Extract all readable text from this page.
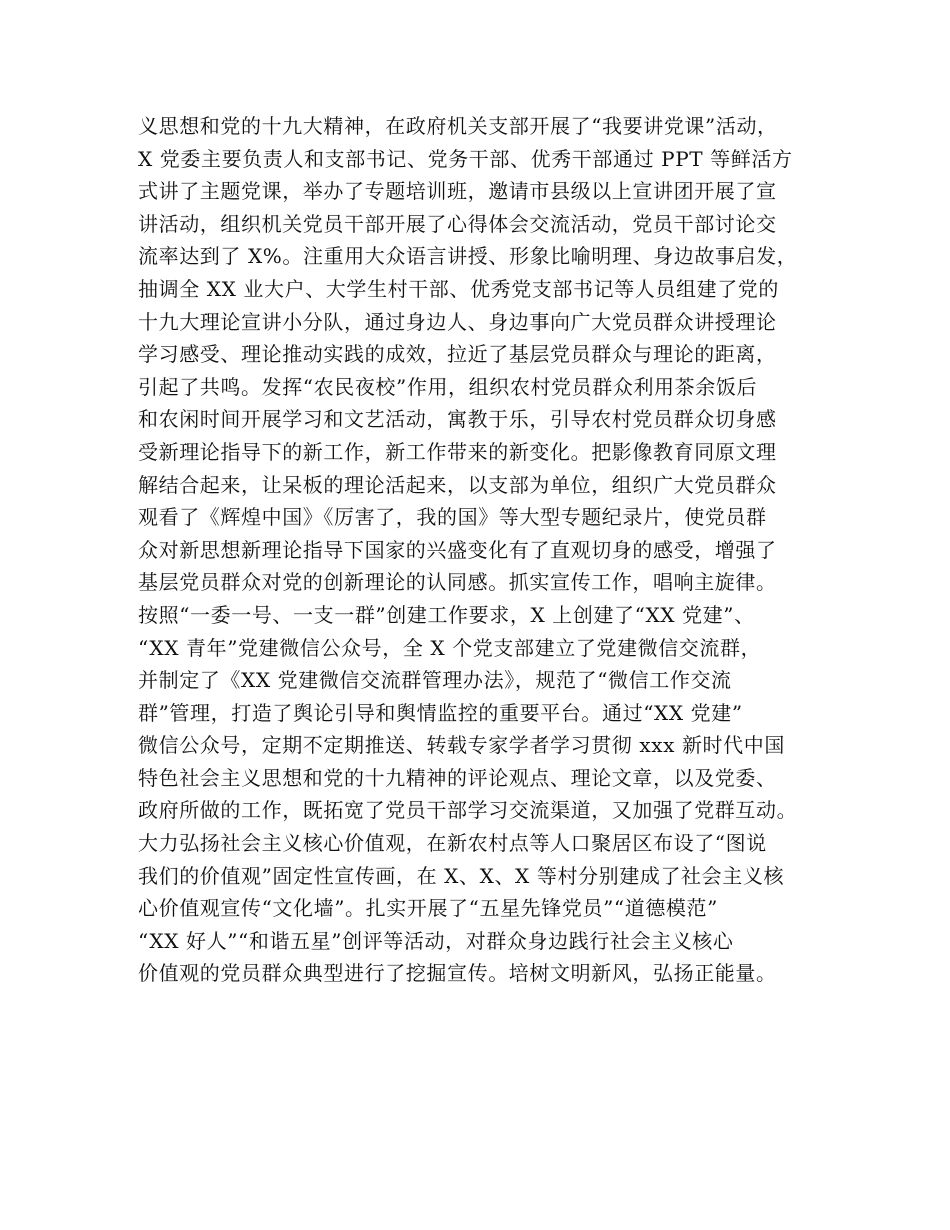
义思想和党的十九大精神，在政府机关支部开展了“我要讲党课”活动，
X 党委主要负责人和支部书记、党务干部、优秀干部通过 PPT 等鲜活方
式讲了主题党课，举办了专题培训班，邀请市县级以上宣讲团开展了宣
讲活动，组织机关党员干部开展了心得体会交流活动，党员干部讨论交
流率达到了 X%。注重用大众语言讲授、形象比喻明理、身边故事启发，
抽调全 XX 业大户、大学生村干部、优秀党支部书记等人员组建了党的
十九大理论宣讲小分队，通过身边人、身边事向广大党员群众讲授理论
学习感受、理论推动实践的成效，拉近了基层党员群众与理论的距离，
引起了共鸣。发挥“农民夜校”作用，组织农村党员群众利用茶余饭后
和农闲时间开展学习和文艺活动，寓教于乐，引导农村党员群众切身感
受新理论指导下的新工作，新工作带来的新变化。把影像教育同原文理
解结合起来，让呆板的理论活起来，以支部为单位，组织广大党员群众
观看了《辉煌中国》《厉害了，我的国》等大型专题纪录片，使党员群
众对新思想新理论指导下国家的兴盛变化有了直观切身的感受，增强了
基层党员群众对党的创新理论的认同感。抓实宣传工作，唱响主旋律。
按照“一委一号、一支一群”创建工作要求，X 上创建了“XX 党建”、
“XX 青年”党建微信公众号，全 X 个党支部建立了党建微信交流群，
并制定了《XX 党建微信交流群管理办法》，规范了“微信工作交流
群”管理，打造了舆论引导和舆情监控的重要平台。通过“XX 党建”
微信公众号，定期不定期推送、转载专家学者学习贯彻 xxx 新时代中国
特色社会主义思想和党的十九精神的评论观点、理论文章，以及党委、
政府所做的工作，既拓宽了党员干部学习交流渠道，又加强了党群互动。
大力弘扬社会主义核心价值观，在新农村点等人口聚居区布设了“图说
我们的价值观”固定性宣传画，在 X、X、X 等村分别建成了社会主义核
心价值观宣传“文化墙”。扎实开展了“五星先锋党员”“道德模范”
“XX 好人”“和谐五星”创评等活动，对群众身边践行社会主义核心
价值观的党员群众典型进行了挖掘宣传。培树文明新风，弘扬正能量。
